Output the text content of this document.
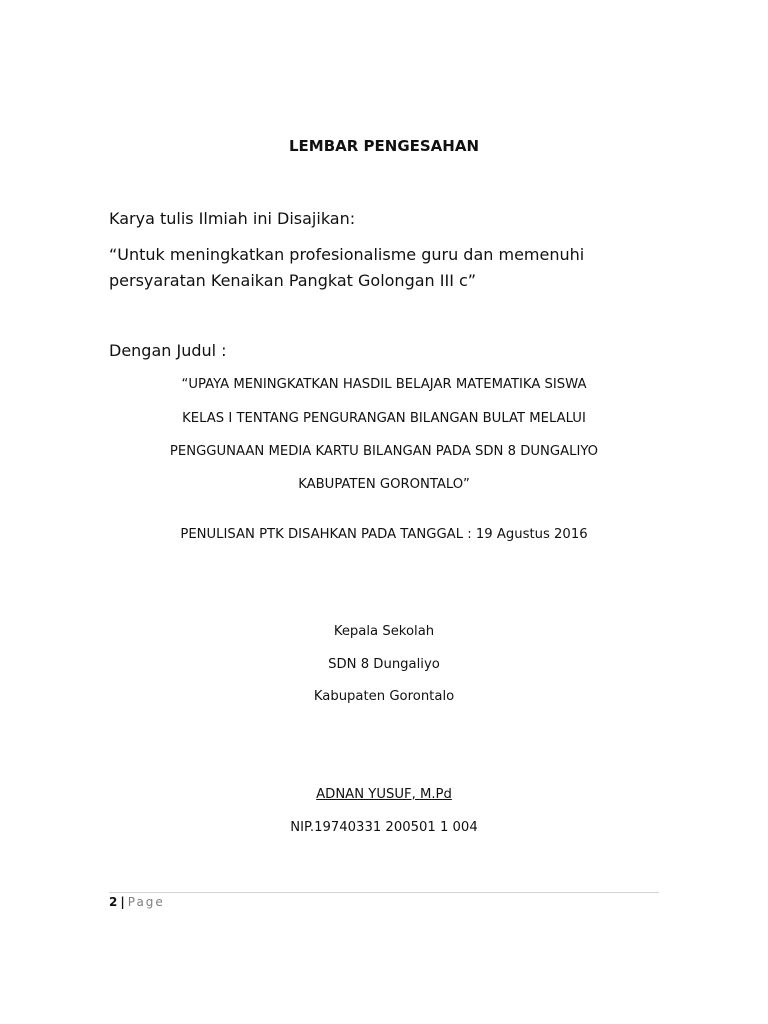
LEMBAR PENGESAHAN

Karya tulis Ilmiah ini Disajikan:

“Untuk meningkatkan profesionalisme guru dan memenuhi

persyaratan Kenaikan Pangkat Golongan III c”

Dengan Judul :

“UPAYA MENINGKATKAN HASDIL BELAJAR MATEMATIKA SISWA

KELAS I TENTANG PENGURANGAN BILANGAN BULAT MELALUI

PENGGUNAAN MEDIA KARTU BILANGAN PADA SDN 8 DUNGALIYO

KABUPATEN GORONTALO”

PENULISAN PTK DISAHKAN PADA TANGGAL : 19 Agustus 2016

Kepala Sekolah

SDN 8 Dungaliyo

Kabupaten Gorontalo

ADNAN YUSUF, M.Pd

NIP.19740331 200501 1 004

2 | Page
